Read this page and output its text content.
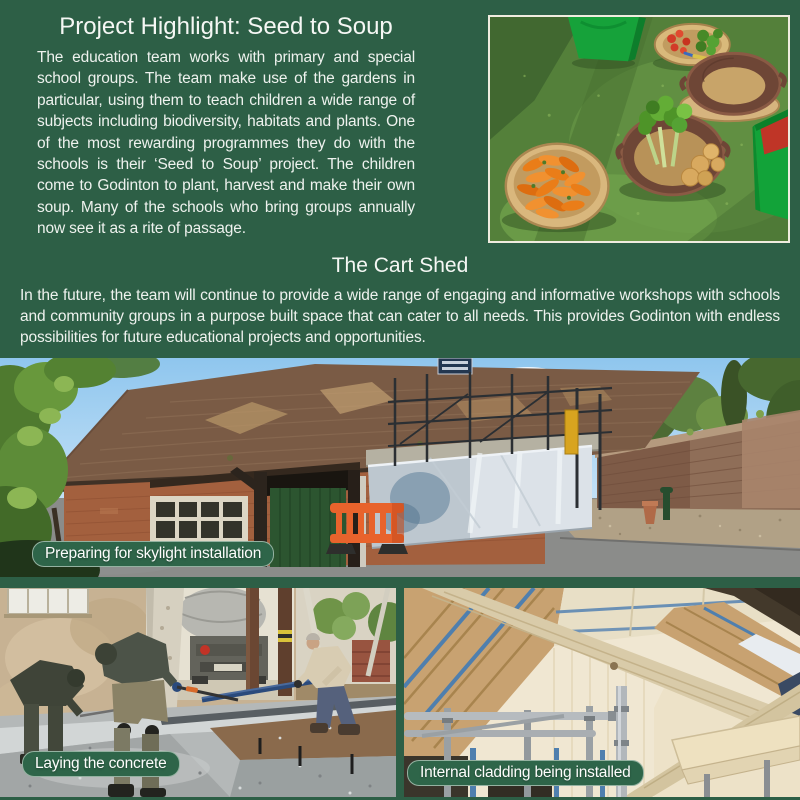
Project Highlight: Seed to Soup

The education team works with primary and special school groups. The team make use of the gardens in particular, using them to teach children a wide range of subjects including biodiversity, habitats and plants. One of the most rewarding programmes they do with the schools is their ‘Seed to Soup’ project. The children come to Godinton to plant, harvest and make their own soup. Many of the schools who bring groups annually now see it as a rite of passage.

The Cart Shed

In the future, the team will continue to provide a wide range of engaging and informative workshops with schools and community groups in a purpose built space that can cater to all needs. This provides Godinton with endless possibilities for future educational projects and opportunities.

Preparing for skylight installation
Laying the concrete
Internal cladding being installed
